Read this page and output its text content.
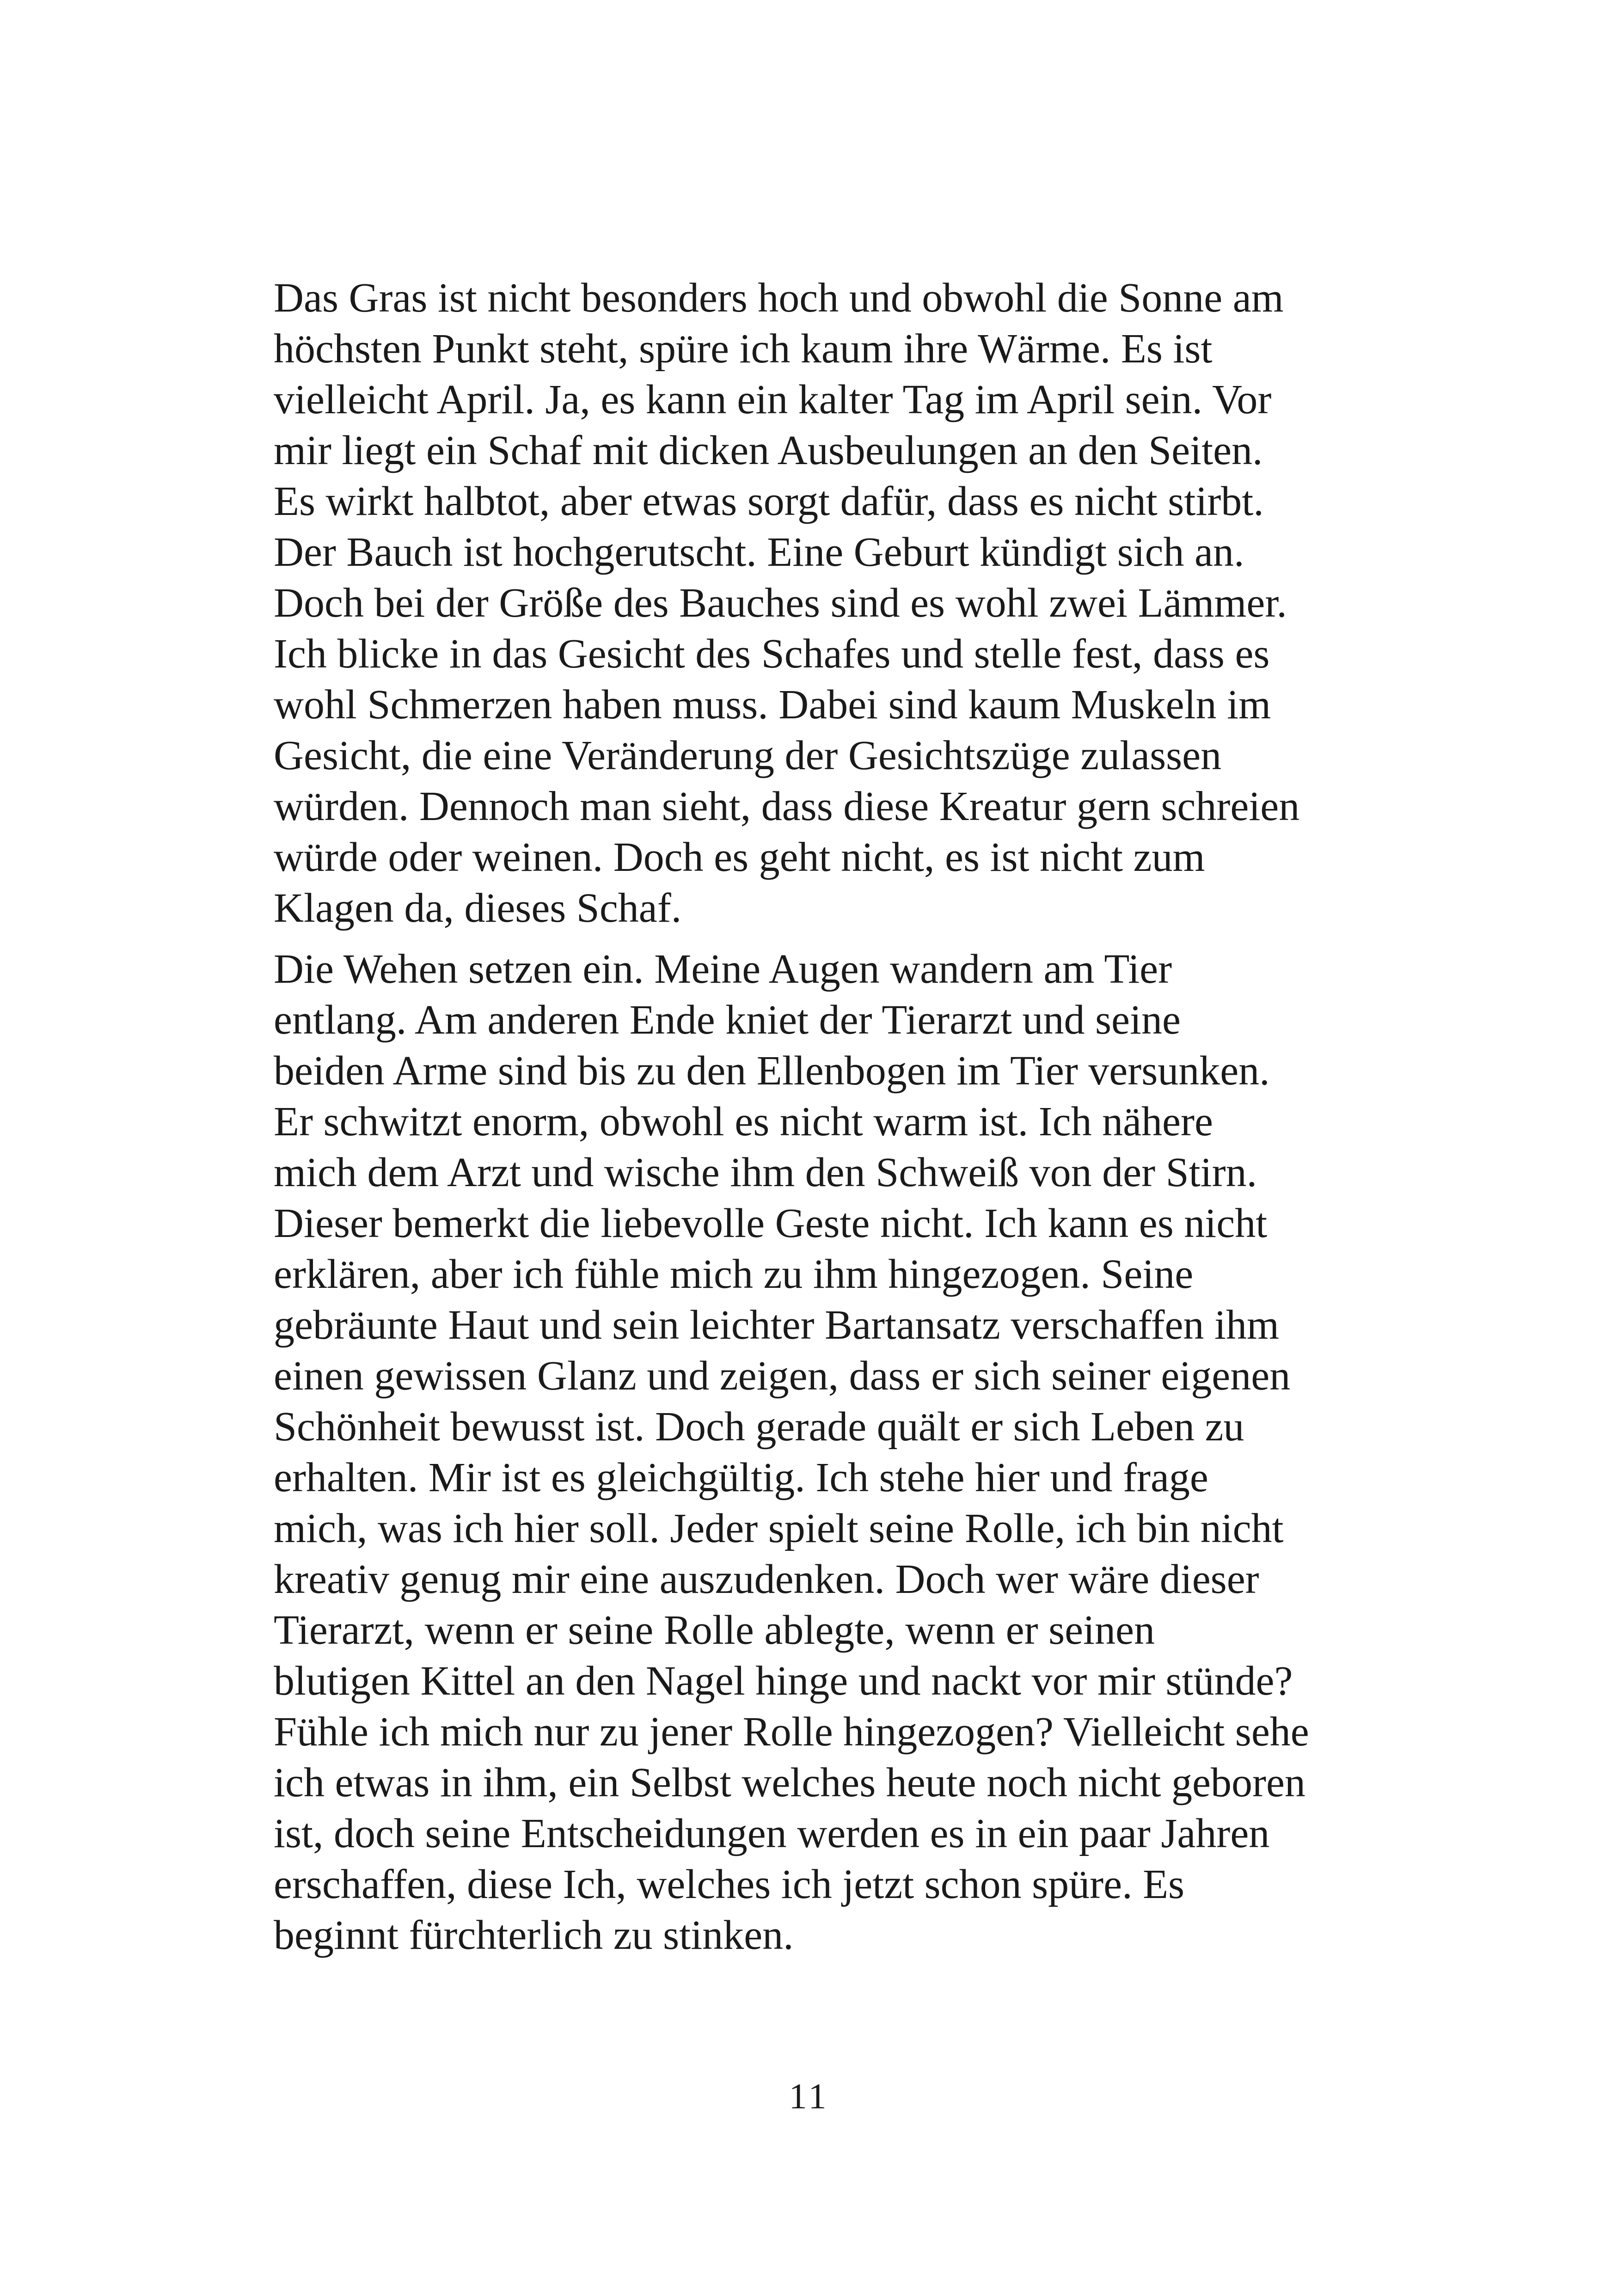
Das Gras ist nicht besonders hoch und obwohl die Sonne am
höchsten Punkt steht, spüre ich kaum ihre Wärme. Es ist
vielleicht April. Ja, es kann ein kalter Tag im April sein. Vor
mir liegt ein Schaf mit dicken Ausbeulungen an den Seiten.
Es wirkt halbtot, aber etwas sorgt dafür, dass es nicht stirbt.
Der Bauch ist hochgerutscht. Eine Geburt kündigt sich an.
Doch bei der Größe des Bauches sind es wohl zwei Lämmer.
Ich blicke in das Gesicht des Schafes und stelle fest, dass es
wohl Schmerzen haben muss. Dabei sind kaum Muskeln im
Gesicht, die eine Veränderung der Gesichtszüge zulassen
würden. Dennoch man sieht, dass diese Kreatur gern schreien
würde oder weinen. Doch es geht nicht, es ist nicht zum
Klagen da, dieses Schaf.
Die Wehen setzen ein. Meine Augen wandern am Tier
entlang. Am anderen Ende kniet der Tierarzt und seine
beiden Arme sind bis zu den Ellenbogen im Tier versunken.
Er schwitzt enorm, obwohl es nicht warm ist. Ich nähere
mich dem Arzt und wische ihm den Schweiß von der Stirn.
Dieser bemerkt die liebevolle Geste nicht. Ich kann es nicht
erklären, aber ich fühle mich zu ihm hingezogen. Seine
gebräunte Haut und sein leichter Bartansatz verschaffen ihm
einen gewissen Glanz und zeigen, dass er sich seiner eigenen
Schönheit bewusst ist. Doch gerade quält er sich Leben zu
erhalten. Mir ist es gleichgültig. Ich stehe hier und frage
mich, was ich hier soll. Jeder spielt seine Rolle, ich bin nicht
kreativ genug mir eine auszudenken. Doch wer wäre dieser
Tierarzt, wenn er seine Rolle ablegte, wenn er seinen
blutigen Kittel an den Nagel hinge und nackt vor mir stünde?
Fühle ich mich nur zu jener Rolle hingezogen? Vielleicht sehe
ich etwas in ihm, ein Selbst welches heute noch nicht geboren
ist, doch seine Entscheidungen werden es in ein paar Jahren
erschaffen, diese Ich, welches ich jetzt schon spüre. Es
beginnt fürchterlich zu stinken.
11
